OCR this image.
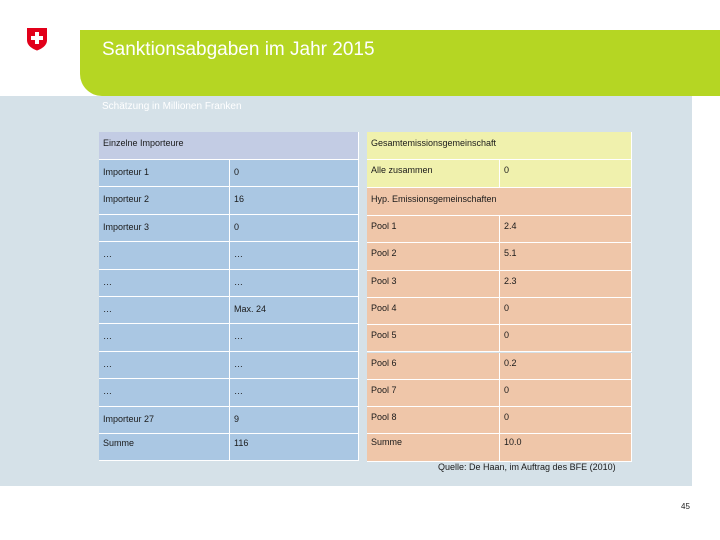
Sanktionsabgaben im Jahr 2015
Schätzung in Millionen Franken
Einzelne Importeure
Importeur 1	0
Importeur 2	16
Importeur 3	0
…	…
…	…
…	Max. 24
…	…
…	…
…	…
Importeur 27	9
Summe	116
Gesamtemissionsgemeinschaft
Alle zusammen	0
Hyp. Emissionsgemeinschaften
Pool 1	2.4
Pool 2	5.1
Pool 3	2.3
Pool 4	0
Pool 5	0
Pool 6	0.2
Pool 7	0
Pool 8	0
Summe	10.0
Quelle: De Haan, im Auftrag des BFE (2010)
45
